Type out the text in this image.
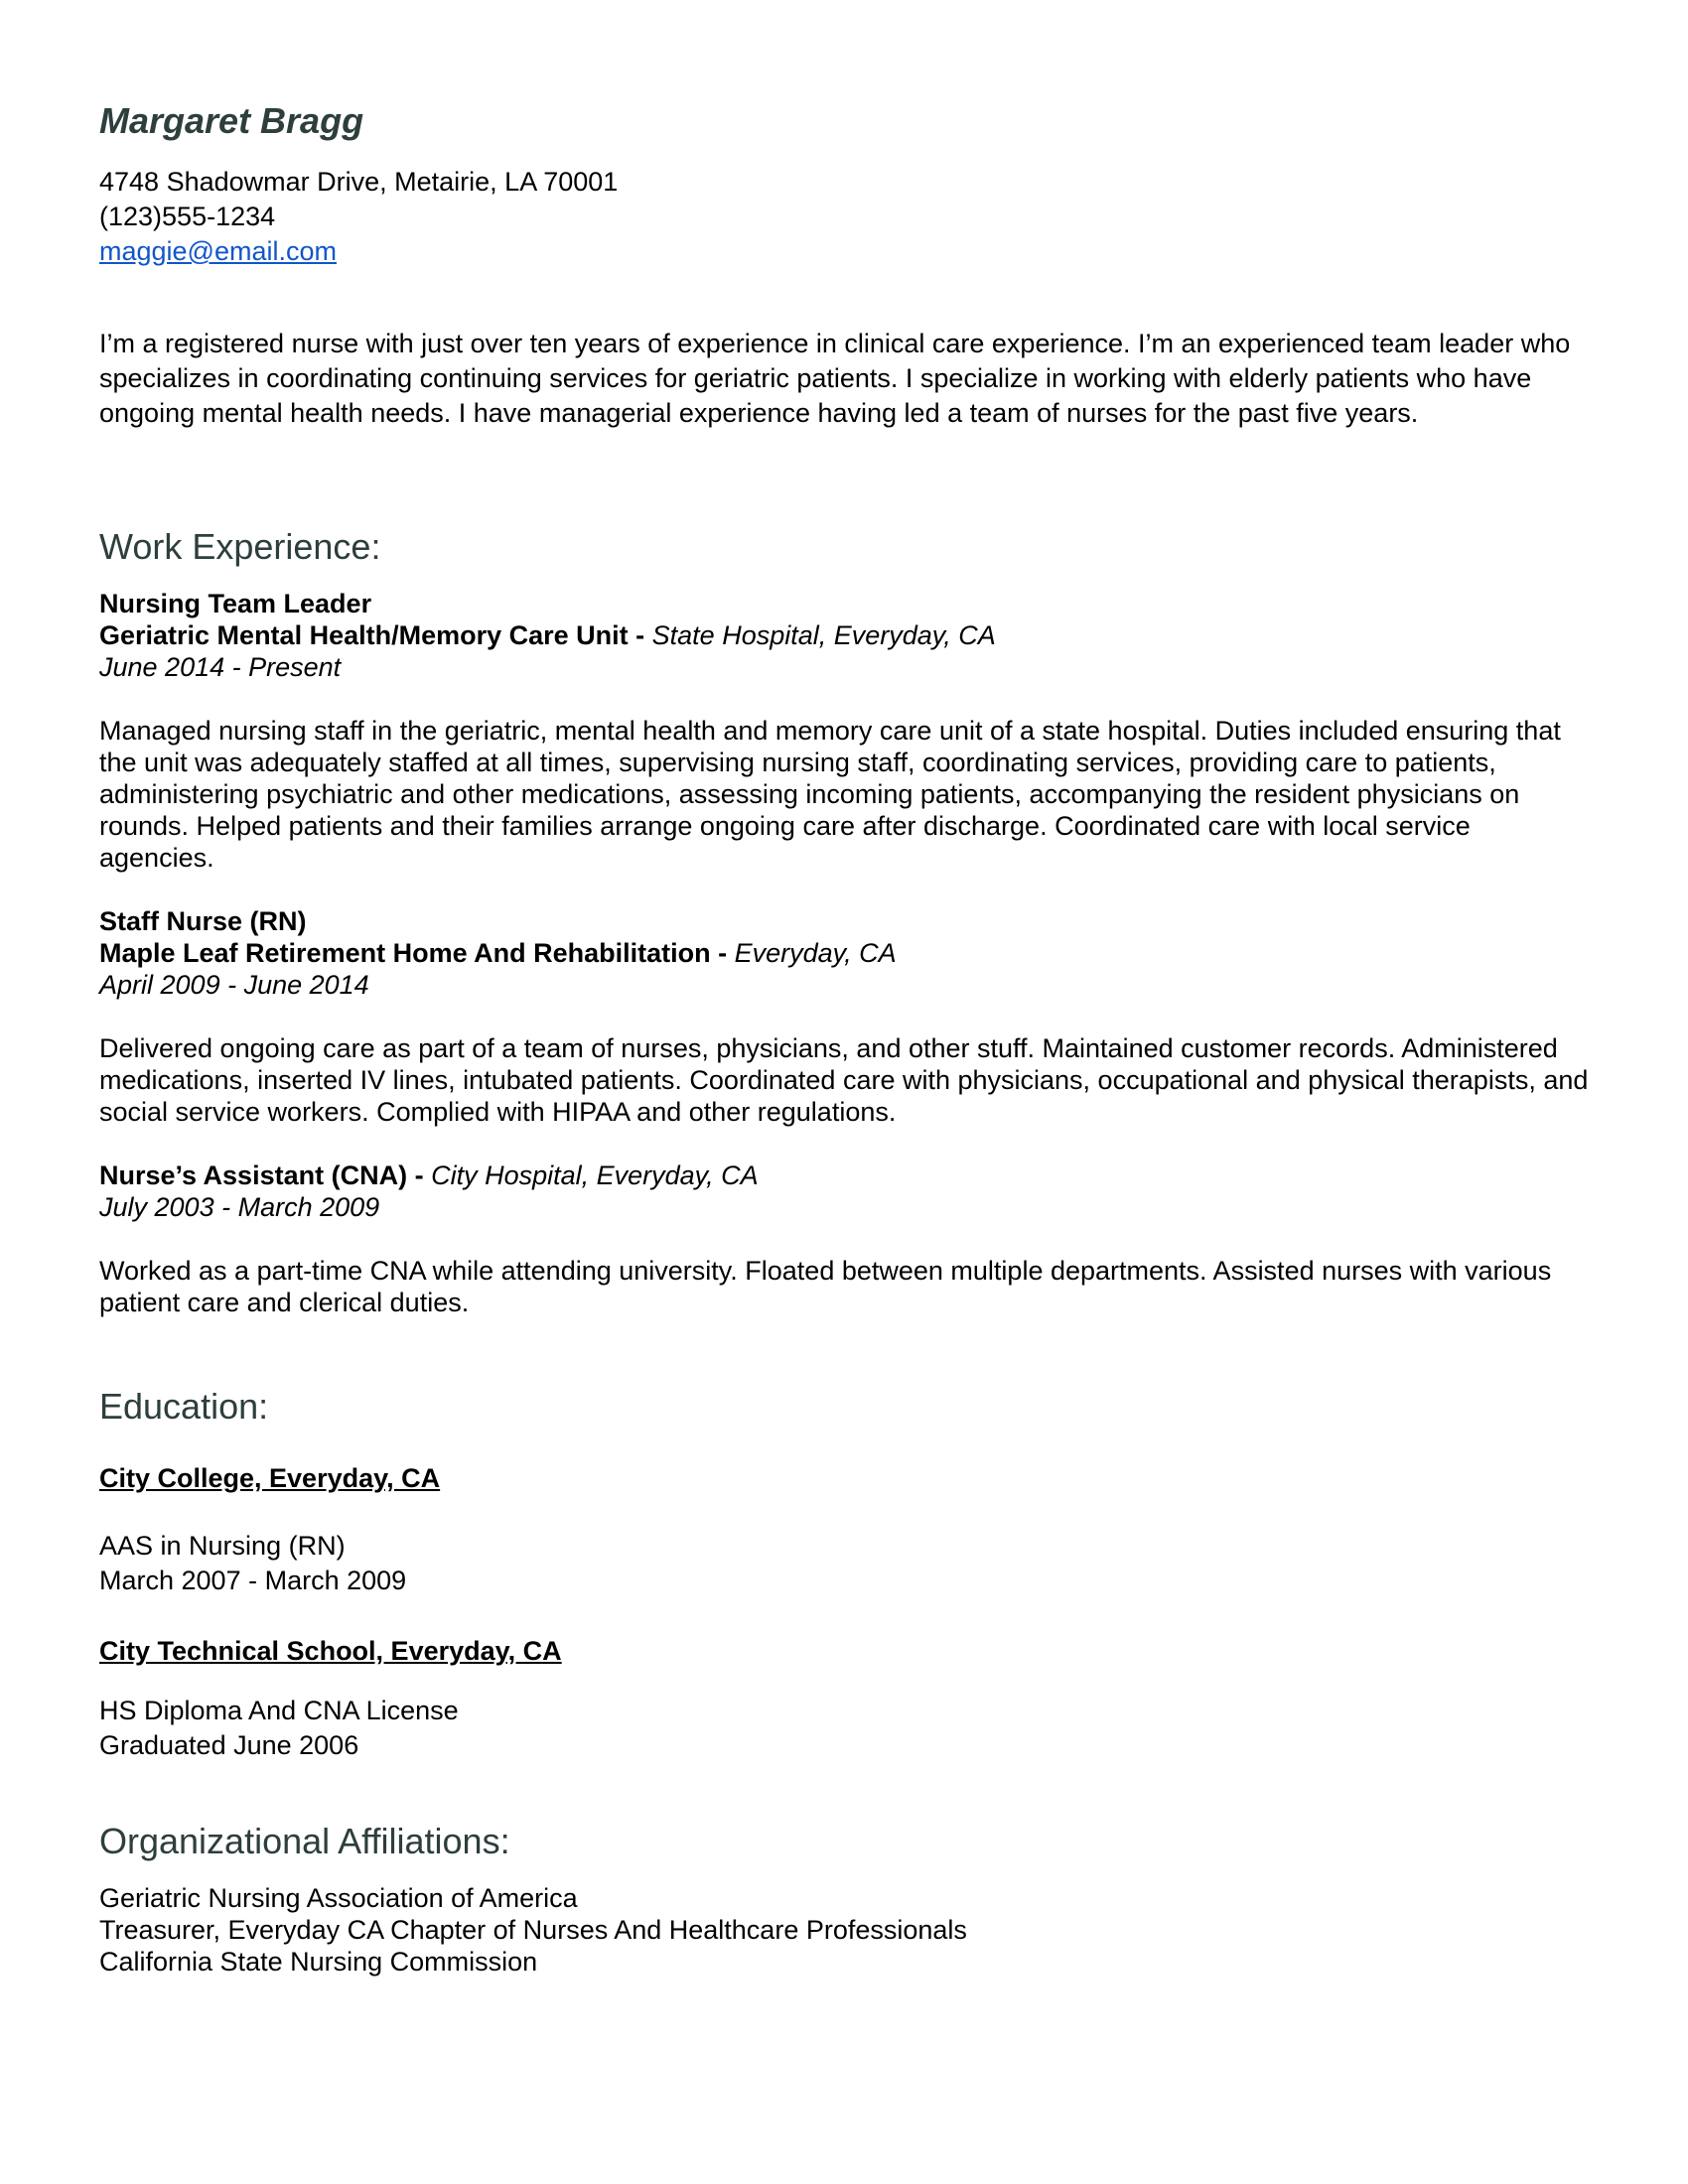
Margaret Bragg
4748 Shadowmar Drive, Metairie, LA 70001
(123)555-1234
maggie@email.com
I’m a registered nurse with just over ten years of experience in clinical care experience. I’m an experienced team leader who specializes in coordinating continuing services for geriatric patients. I specialize in working with elderly patients who have ongoing mental health needs. I have managerial experience having led a team of nurses for the past five years.
Work Experience:
Nursing Team Leader
Geriatric Mental Health/Memory Care Unit - State Hospital, Everyday, CA
June 2014 - Present
Managed nursing staff in the geriatric, mental health and memory care unit of a state hospital. Duties included ensuring that the unit was adequately staffed at all times, supervising nursing staff, coordinating services, providing care to patients, administering psychiatric and other medications, assessing incoming patients, accompanying the resident physicians on rounds. Helped patients and their families arrange ongoing care after discharge. Coordinated care with local service agencies.
Staff Nurse (RN)
Maple Leaf Retirement Home And Rehabilitation - Everyday, CA
April 2009 - June 2014
Delivered ongoing care as part of a team of nurses, physicians, and other stuff. Maintained customer records. Administered medications, inserted IV lines, intubated patients. Coordinated care with physicians, occupational and physical therapists, and social service workers. Complied with HIPAA and other regulations.
Nurse’s Assistant (CNA) - City Hospital, Everyday, CA
July 2003 - March 2009
Worked as a part-time CNA while attending university. Floated between multiple departments. Assisted nurses with various patient care and clerical duties.
Education:
City College, Everyday, CA
AAS in Nursing (RN)
March 2007 - March 2009
City Technical School, Everyday, CA
HS Diploma And CNA License
Graduated June 2006
Organizational Affiliations:
Geriatric Nursing Association of America
Treasurer, Everyday CA Chapter of Nurses And Healthcare Professionals
California State Nursing Commission
